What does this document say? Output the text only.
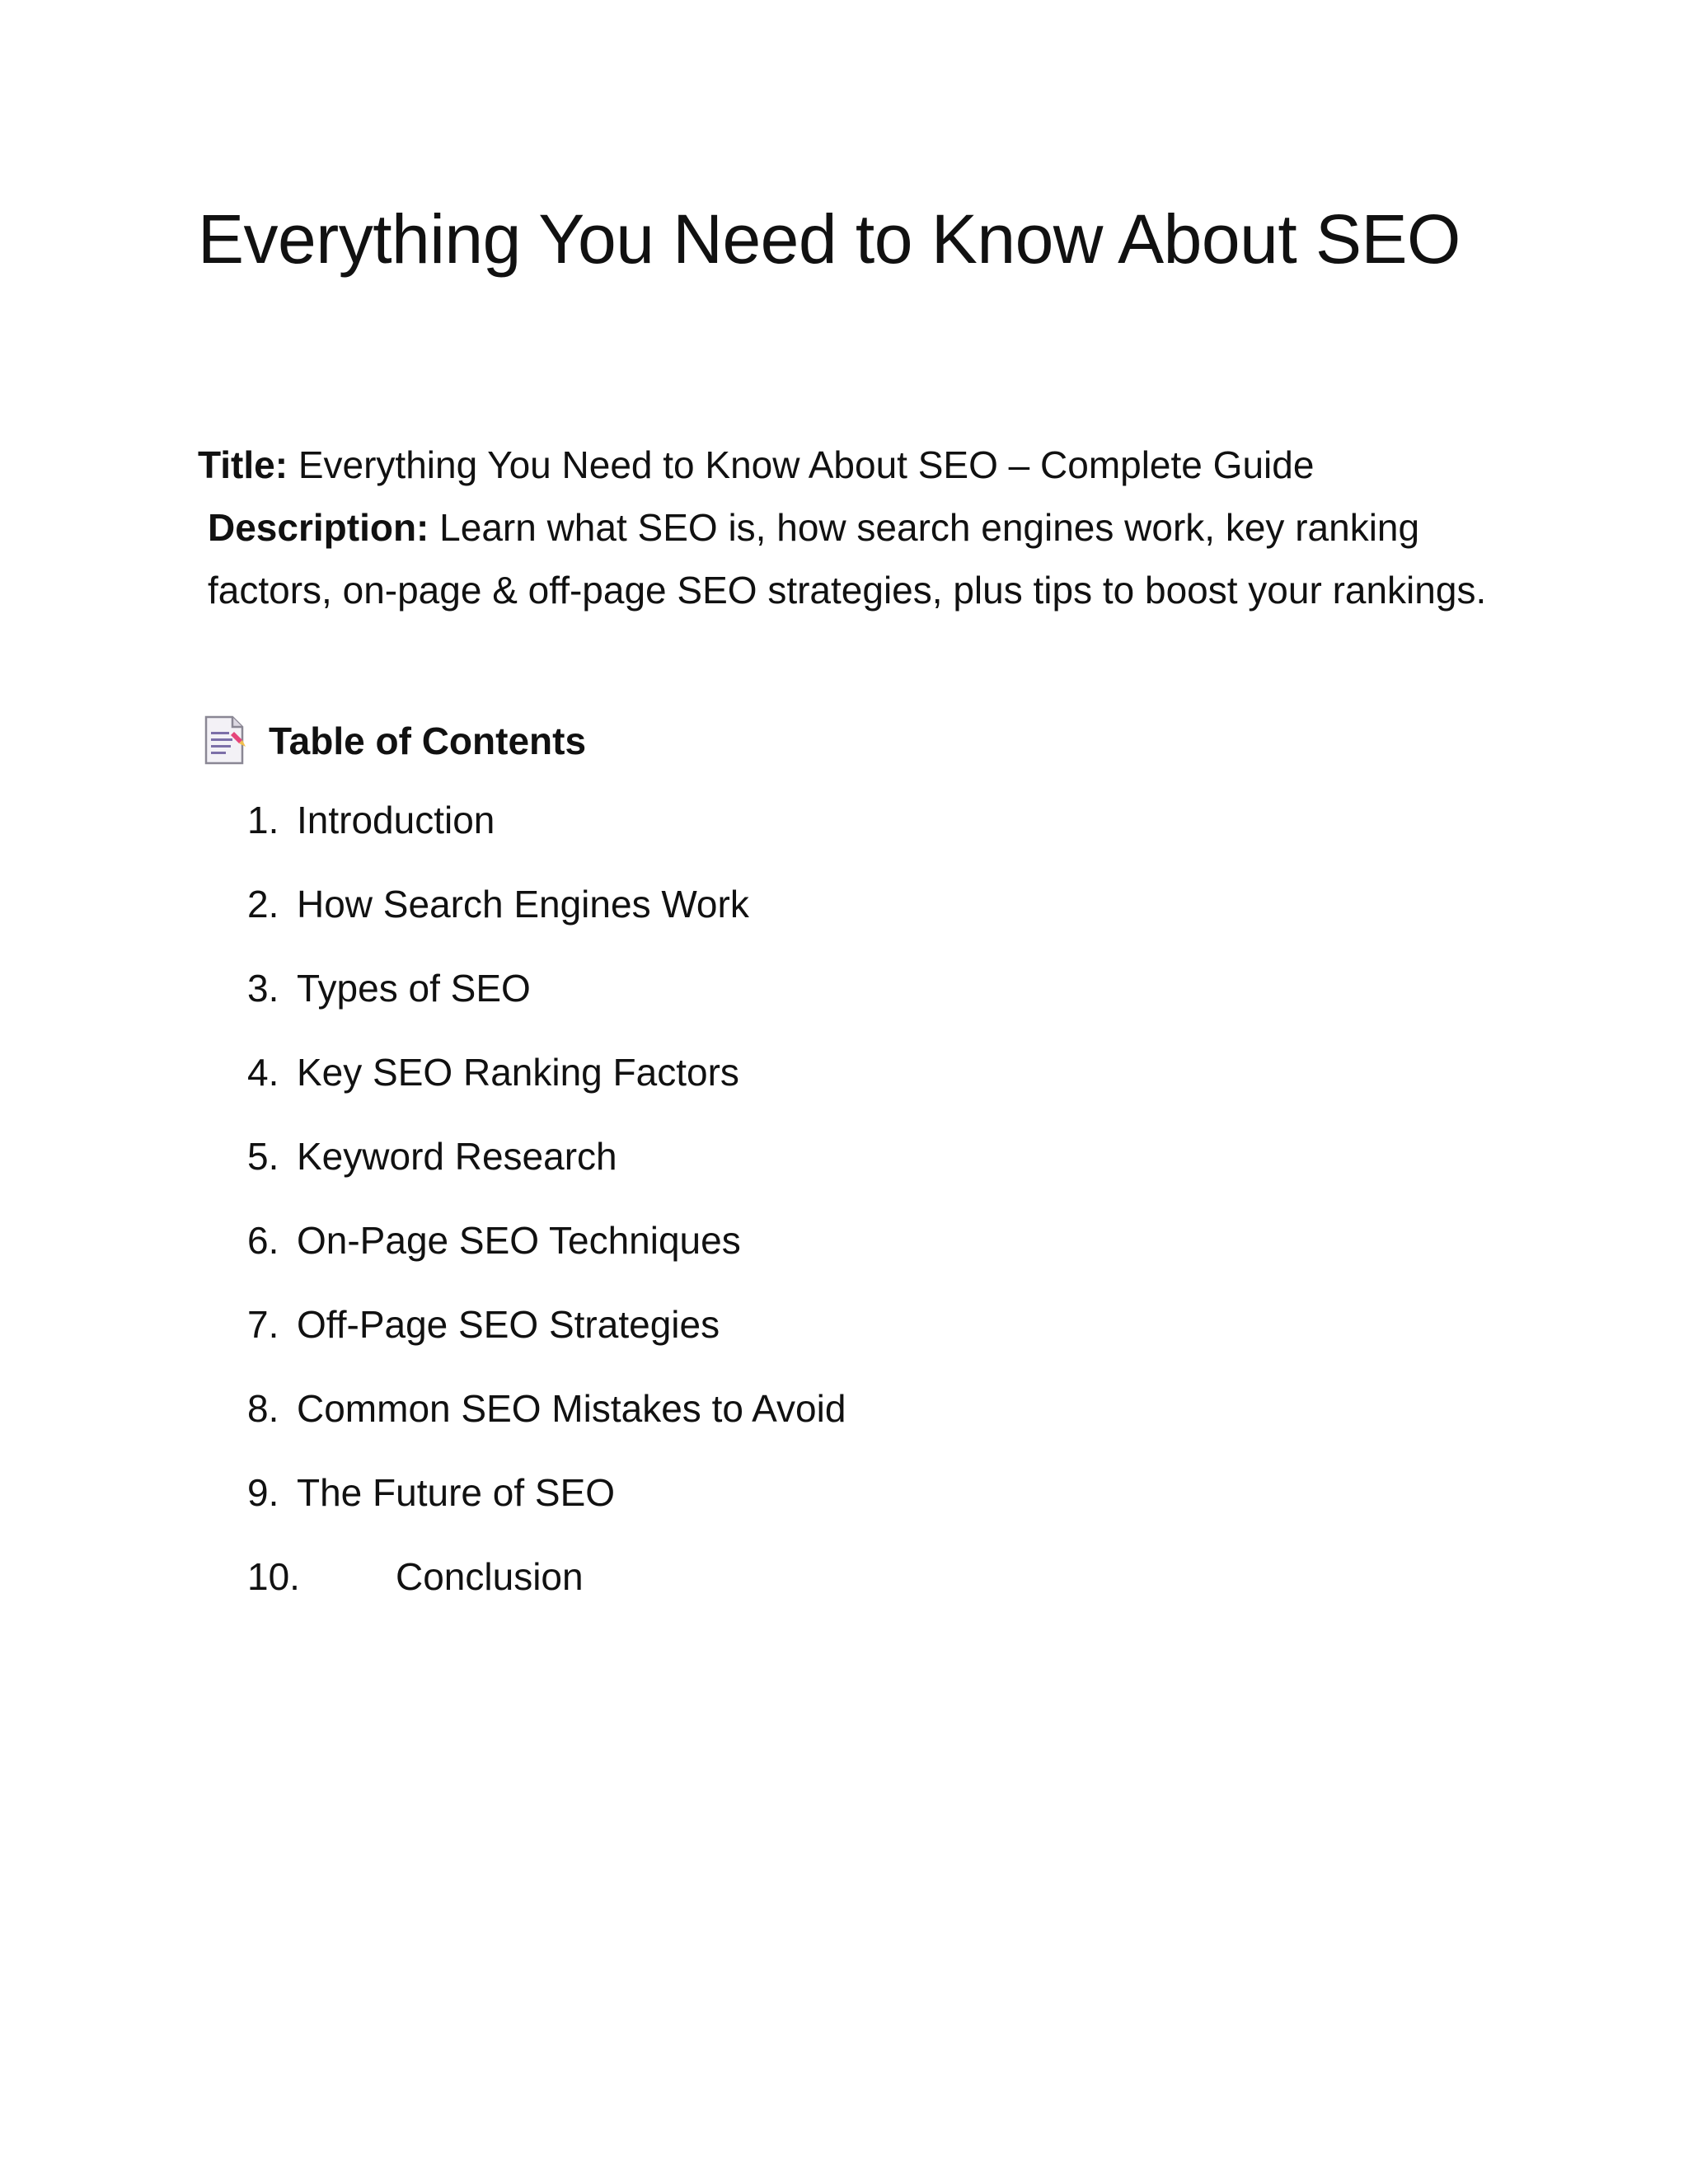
Everything You Need to Know About SEO

Title: Everything You Need to Know About SEO – Complete Guide

Description: Learn what SEO is, how search engines work, key ranking factors, on-page & off-page SEO strategies, plus tips to boost your rankings.

Table of Contents
1. Introduction
2. How Search Engines Work
3. Types of SEO
4. Key SEO Ranking Factors
5. Keyword Research
6. On-Page SEO Techniques
7. Off-Page SEO Strategies
8. Common SEO Mistakes to Avoid
9. The Future of SEO
10.	Conclusion
